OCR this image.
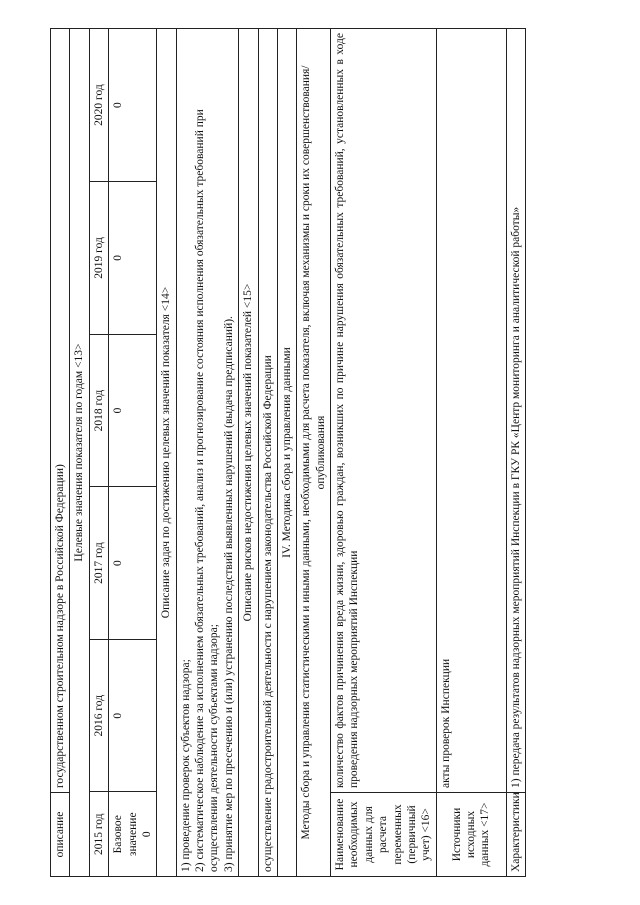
описание	государственном строительном надзоре в Российской Федерации)
Целевые значения показателя по годам <13>

2015 год	2016 год	2017 год	2018 год	2019 год	2020 год
Базовое значение 0	0	0	0	0	0

Описание задач по достижению целевых значений показателя <14>

1) проведение проверок субъектов надзора; 2) систематическое наблюдение за исполнением обязательных требований, анализ и прогнозирование состояния исполнения обязательных требований при осуществлении деятельности субъектами надзора; 3) принятие мер по пресечению и (или) устранению последствий выявленных нарушений (выдача предписаний).

Описание рисков недостижения целевых значений показателей <15>
осуществление градостроительной деятельности с нарушением законодательства Российской Федерации
IV. Методика сбора и управления данными
Методы сбора и управления статистическими и иными данными, необходимыми для расчета показателя, включая механизмы и сроки их совершенствования/опубликования
Наименование необходимых данных для расчета переменных (первичный учет) <16>	количество фактов причинения вреда жизни, здоровью граждан, возникших по причине нарушения обязательных требований, установленных в ходе проведения надзорных мероприятий Инспекции
Источники исходных данных <17>	акты проверок Инспекции
Характеристики	1) передача результатов надзорных мероприятий Инспекции в ГКУ РК «Центр мониторинга и аналитической работы»
